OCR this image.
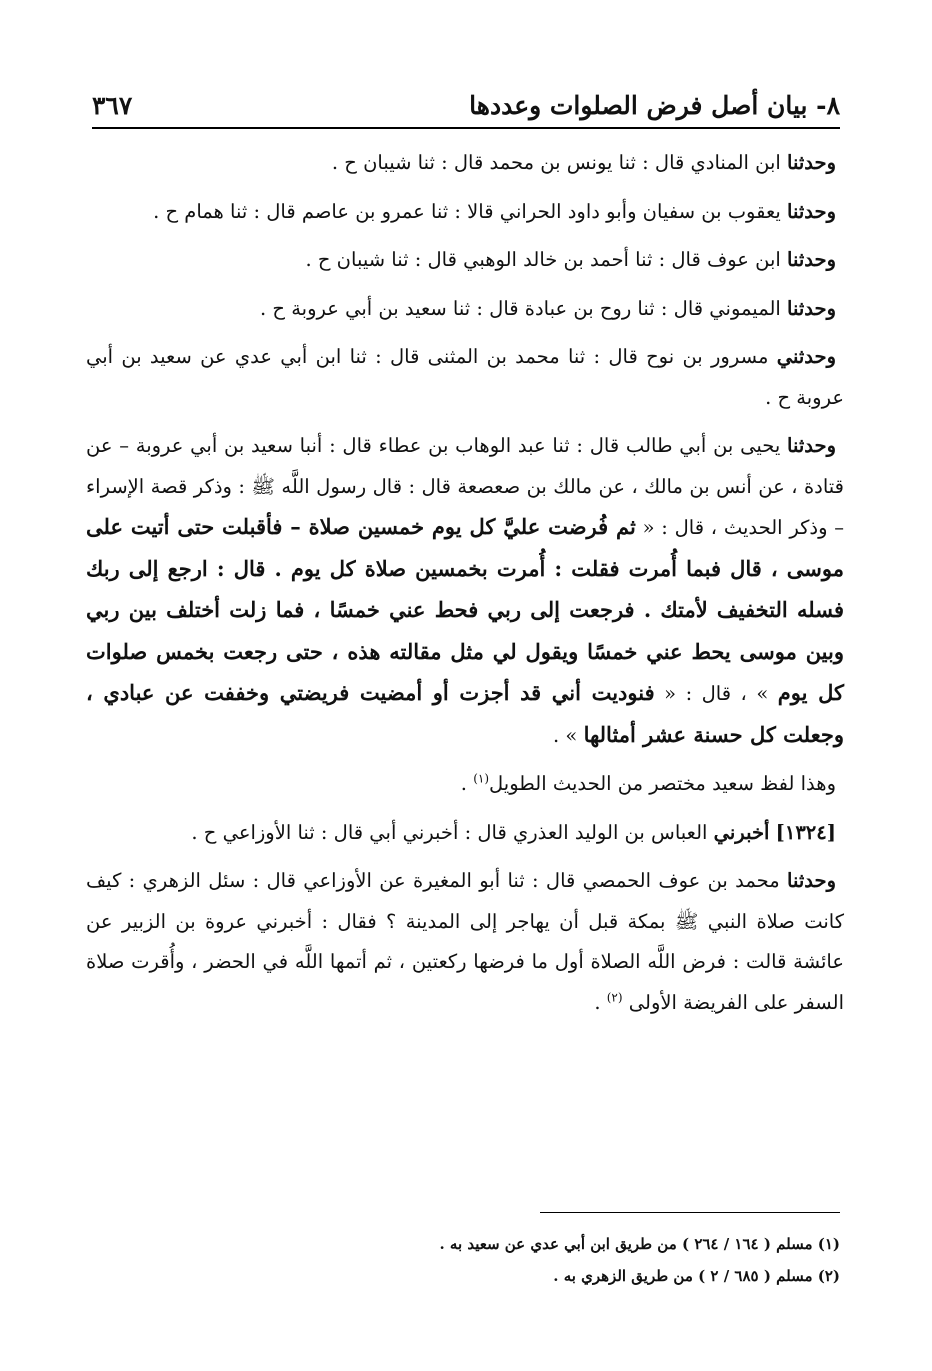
٨- بيان أصل فرض الصلوات وعددها
٣٦٧

وحدثنا ابن المنادي قال : ثنا يونس بن محمد قال : ثنا شيبان ح .

وحدثنا يعقوب بن سفيان وأبو داود الحراني قالا : ثنا عمرو بن عاصم قال : ثنا همام ح .

وحدثنا ابن عوف قال : ثنا أحمد بن خالد الوهبي قال : ثنا شيبان ح .

وحدثنا الميموني قال : ثنا روح بن عبادة قال : ثنا سعيد بن أبي عروبة ح .

وحدثني مسرور بن نوح قال : ثنا محمد بن المثنى قال : ثنا ابن أبي عدي عن سعيد بن أبي عروبة ح .

وحدثنا يحيى بن أبي طالب قال : ثنا عبد الوهاب بن عطاء قال : أنبا سعيد بن أبي عروبة – عن قتادة ، عن أنس بن مالك ، عن مالك بن صعصعة قال : قال رسول اللَّه ﷺ : وذكر قصة الإسراء – وذكر الحديث ، قال : « ثم فُرضت عليَّ كل يوم خمسين صلاة – فأقبلت حتى أتيت على موسى ، قال فبما أُمرت فقلت : أُمرت بخمسين صلاة كل يوم . قال : ارجع إلى ربك فسله التخفيف لأمتك . فرجعت إلى ربي فحط عني خمسًا ، فما زلت أختلف بين ربي وبين موسى يحط عني خمسًا ويقول لي مثل مقالته هذه ، حتى رجعت بخمس صلوات كل يوم » ، قال : « فنوديت أني قد أجزت أو أمضيت فريضتي وخففت عن عبادي ، وجعلت كل حسنة عشر أمثالها » .

وهذا لفظ سعيد مختصر من الحديث الطويل$^{(١)}$ .

[١٣٢٤] أخبرني العباس بن الوليد العذري قال : أخبرني أبي قال : ثنا الأوزاعي ح .

وحدثنا محمد بن عوف الحمصي قال : ثنا أبو المغيرة عن الأوزاعي قال : سئل الزهري : كيف كانت صلاة النبي ﷺ بمكة قبل أن يهاجر إلى المدينة ؟ فقال : أخبرني عروة بن الزبير عن عائشة قالت : فرض اللَّه الصلاة أول ما فرضها ركعتين ، ثم أتمها اللَّه في الحضر ، وأُقرت صلاة السفر على الفريضة الأولى $^{(٢)}$ .

(١) مسلم ( ١٦٤ / ٢٦٤ ) من طريق ابن أبي عدي عن سعيد به .
(٢) مسلم ( ٦٨٥ / ٢ ) من طريق الزهري به .
